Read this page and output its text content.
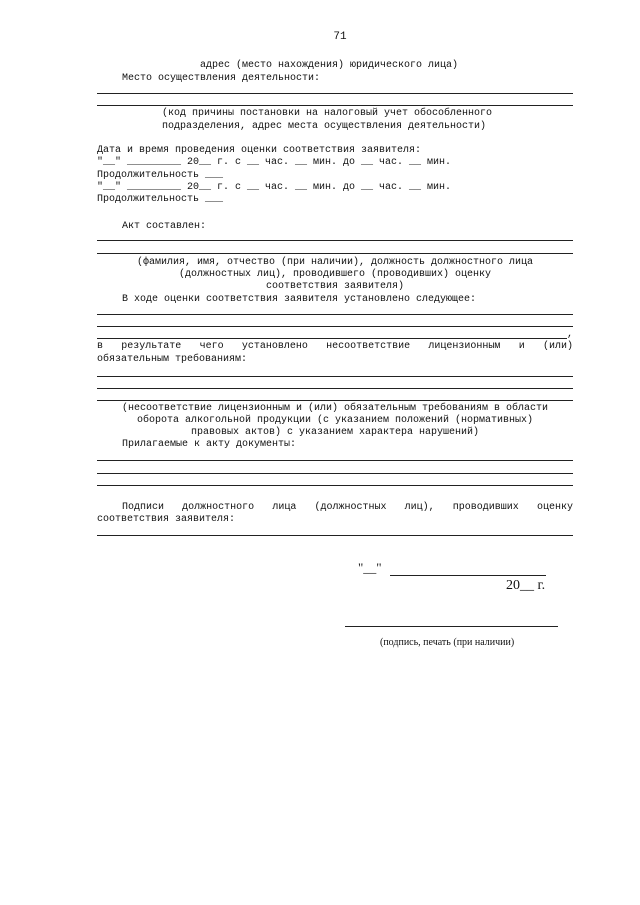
71
адрес (место нахождения) юридического лица)
Место осуществления деятельности:
(код причины постановки на налоговый учет обособленного
подразделения, адрес места осуществления деятельности)
Дата и время проведения оценки соответствия заявителя:
"__" _________ 20__ г. с __ час. __ мин. до __ час. __ мин.
Продолжительность ___
"__" _________ 20__ г. с __ час. __ мин. до __ час. __ мин.
Продолжительность ___
Акт составлен:
(фамилия, имя, отчество (при наличии), должность должностного лица
(должностных лиц), проводившего (проводивших) оценку
соответствия заявителя)
В ходе оценки соответствия заявителя установлено следующее:
,
в результате чего установлено несоответствие лицензионным и (или)
обязательным требованиям:
(несоответствие лицензионным и (или) обязательным требованиям в области
оборота алкогольной продукции (с указанием положений (нормативных)
правовых актов) с указанием характера нарушений)
Прилагаемые к акту документы:
Подписи должностного лица (должностных лиц), проводивших оценку
соответствия заявителя:
"__"
20__ г.
(подпись, печать (при наличии)
